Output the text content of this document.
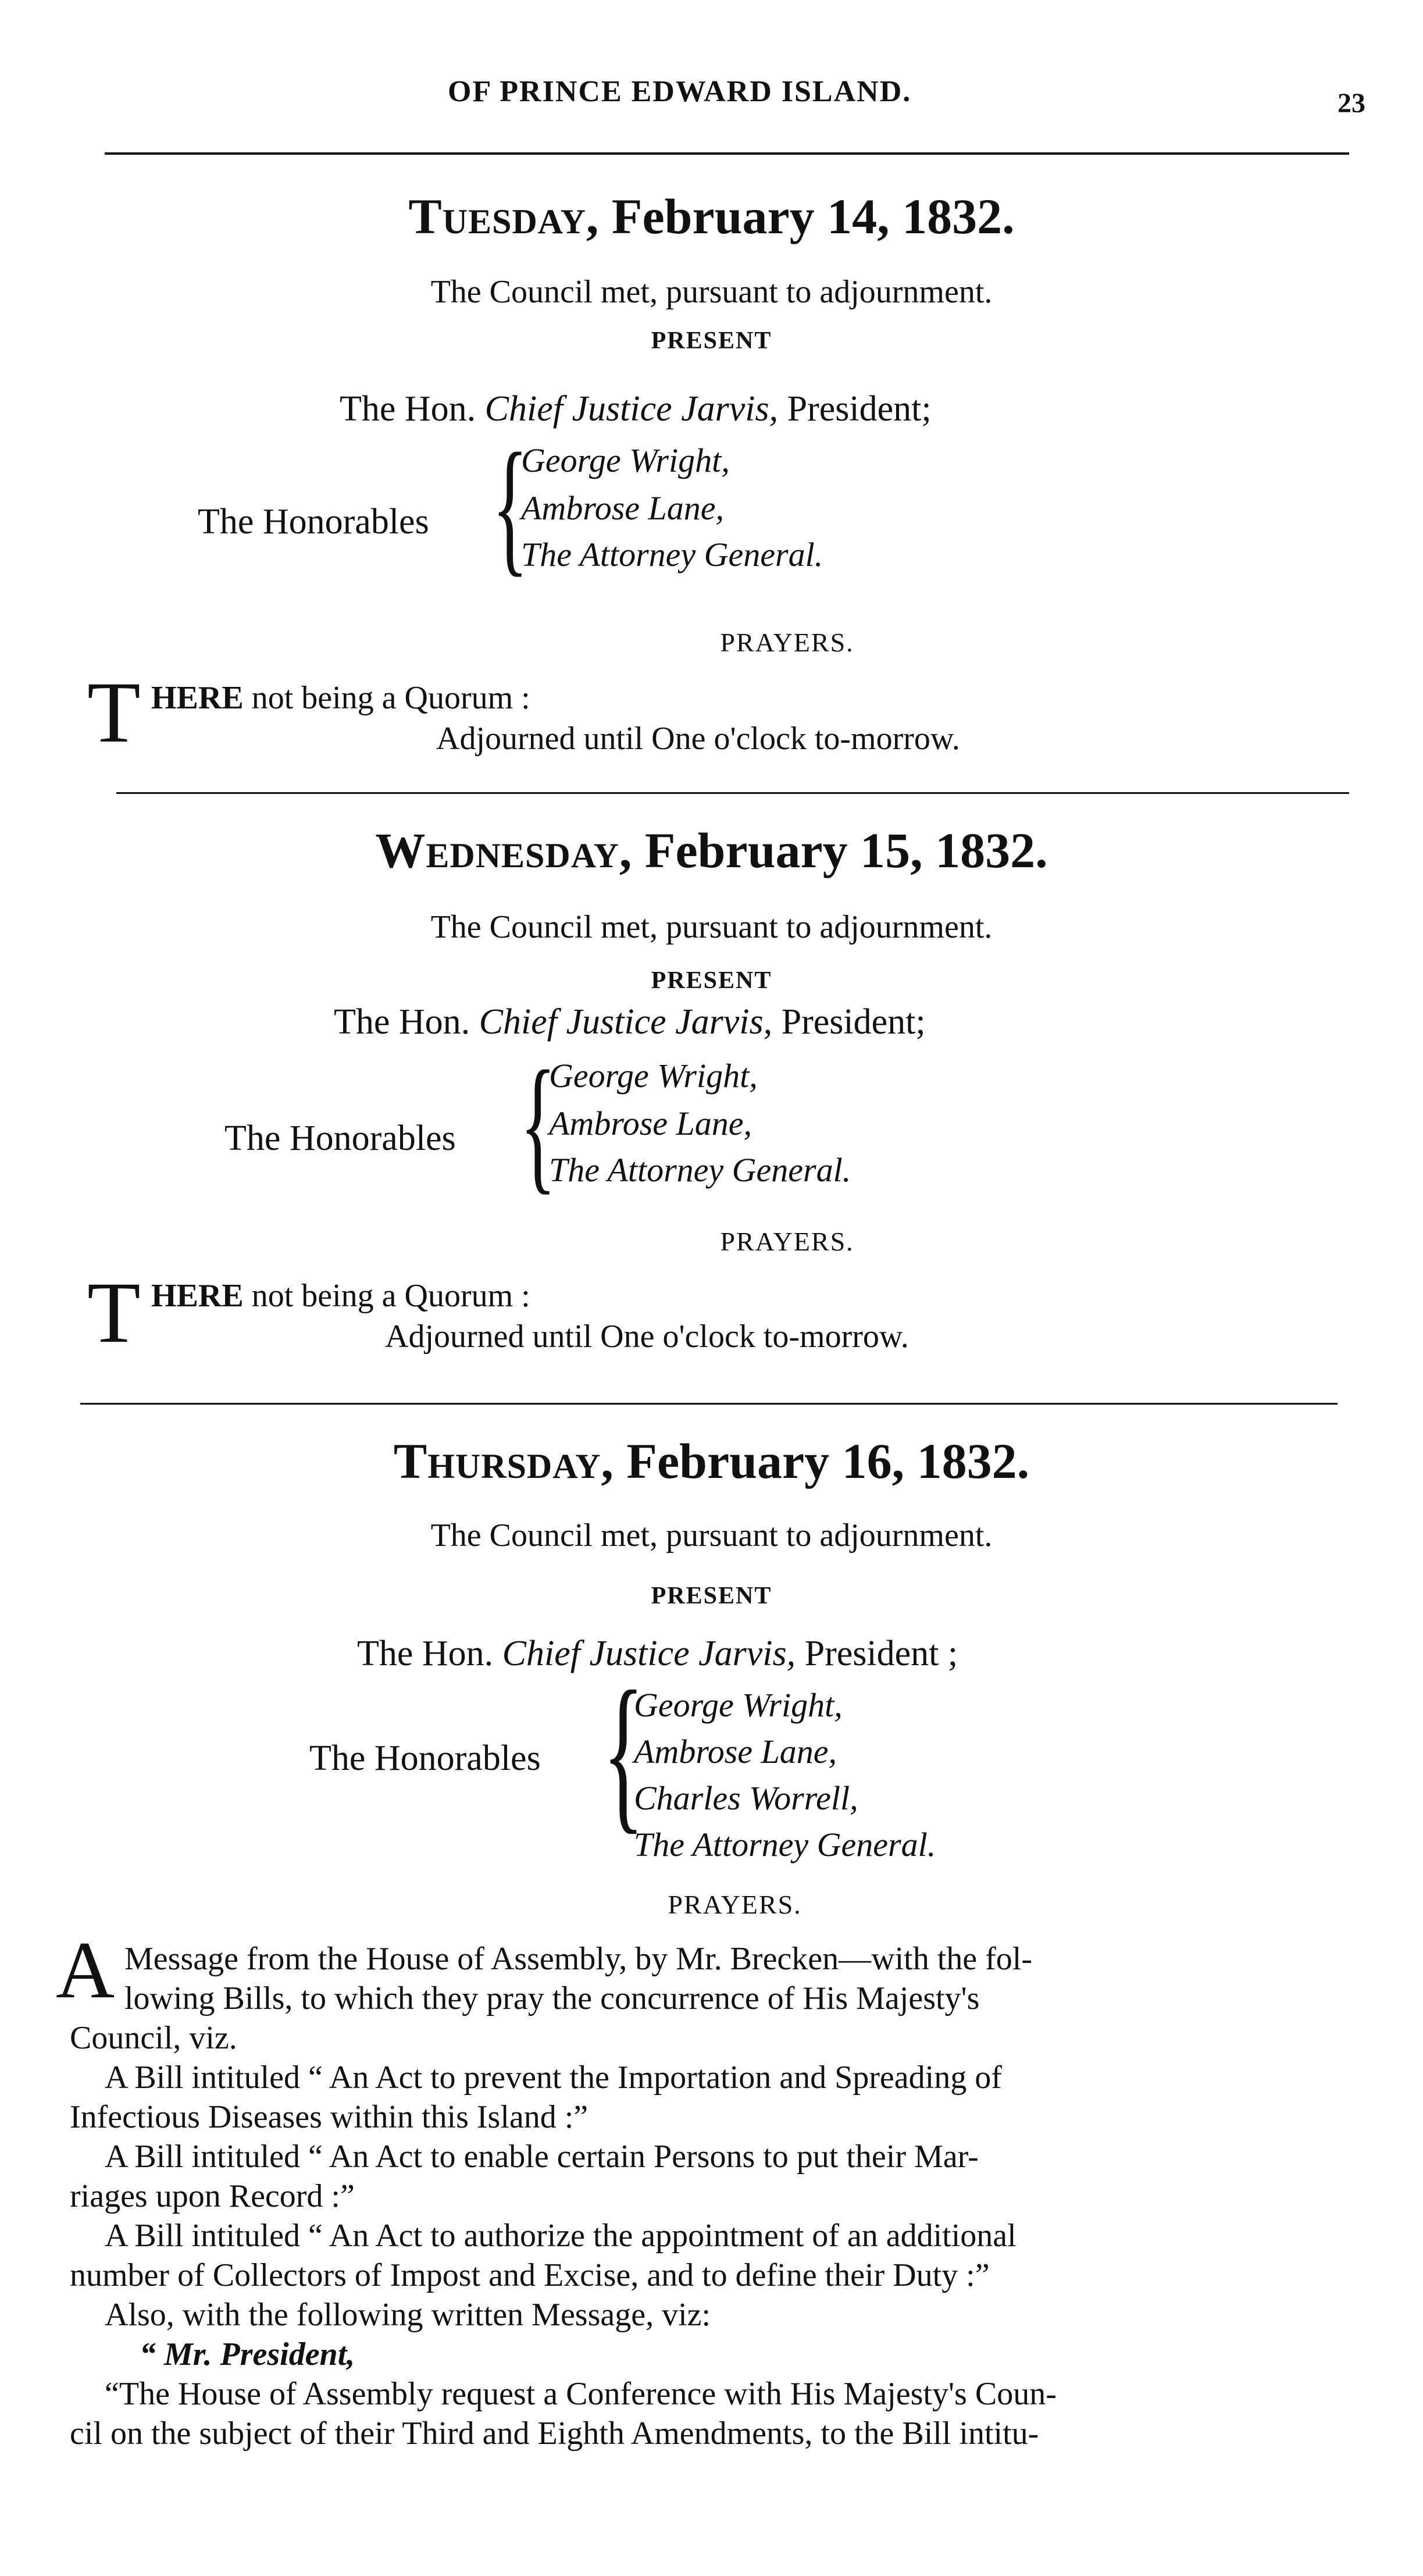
OF PRINCE EDWARD ISLAND.	23
Tuesday, February 14, 1832.
The Council met, pursuant to adjournment.
PRESENT
The Hon. Chief Justice Jarvis, President;
The Honorables {
George Wright,
Ambrose Lane,
The Attorney General.
PRAYERS.
T HERE not being a Quorum :
Adjourned until One o'clock to-morrow.
Wednesday, February 15, 1832.
The Council met, pursuant to adjournment.
PRESENT
The Hon. Chief Justice Jarvis, President;
The Honorables {
George Wright,
Ambrose Lane,
The Attorney General.
PRAYERS.
T HERE not being a Quorum :
Adjourned until One o'clock to-morrow.
Thursday, February 16, 1832.
The Council met, pursuant to adjournment.
PRESENT
The Hon. Chief Justice Jarvis, President ;
The Honorables {
George Wright,
Ambrose Lane,
Charles Worrell,
The Attorney General.
PRAYERS.
A Message from the House of Assembly, by Mr. Brecken—with the fol-
lowing Bills, to which they pray the concurrence of His Majesty's
Council, viz.
A Bill intituled “ An Act to prevent the Importation and Spreading of
Infectious Diseases within this Island :”
A Bill intituled “ An Act to enable certain Persons to put their Mar-
riages upon Record :”
A Bill intituled “ An Act to authorize the appointment of an additional
number of Collectors of Impost and Excise, and to define their Duty :”
Also, with the following written Message, viz:
“ Mr. President,
“The House of Assembly request a Conference with His Majesty's Coun-
cil on the subject of their Third and Eighth Amendments, to the Bill intitu-
